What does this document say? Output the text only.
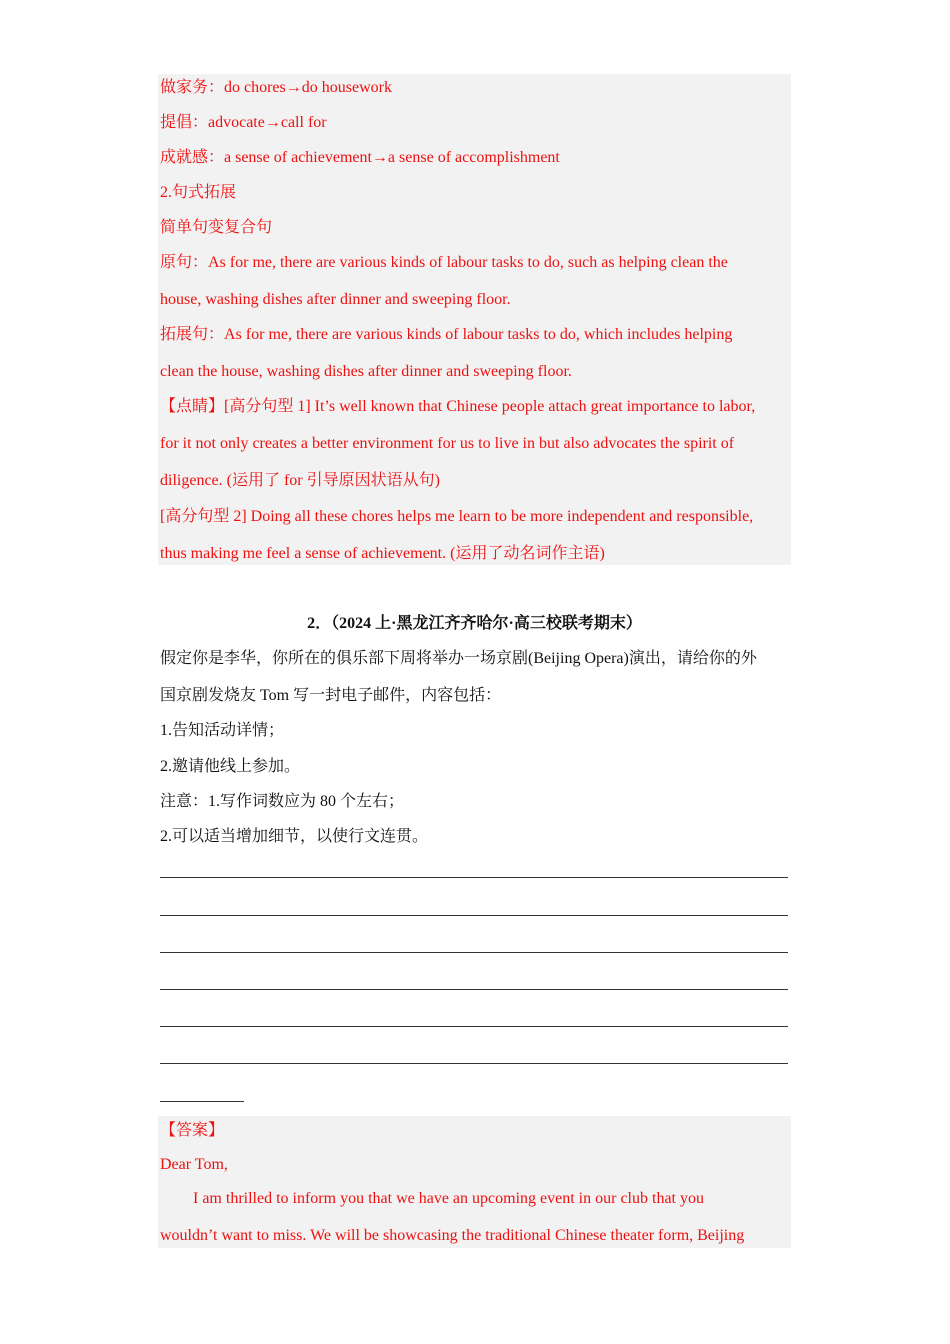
做家务：do chores→do housework
提倡：advocate→call for
成就感：a sense of achievement→a sense of accomplishment
2.句式拓展
简单句变复合句
原句：As for me, there are various kinds of labour tasks to do, such as helping clean the
house, washing dishes after dinner and sweeping floor.
拓展句：As for me, there are various kinds of labour tasks to do, which includes helping
clean the house, washing dishes after dinner and sweeping floor.
【点睛】[高分句型 1] It’s well known that Chinese people attach great importance to labor,
for it not only creates a better environment for us to live in but also advocates the spirit of
diligence. (运用了 for 引导原因状语从句)
[高分句型 2] Doing all these chores helps me learn to be more independent and responsible,
thus making me feel a sense of achievement. (运用了动名词作主语)
2．（2024 上·黑龙江齐齐哈尔·高三校联考期末）
假定你是李华，你所在的俱乐部下周将举办一场京剧(Beijing Opera)演出，请给你的外
国京剧发烧友 Tom 写一封电子邮件，内容包括：
1.告知活动详情；
2.邀请他线上参加。
注意：1.写作词数应为 80 个左右；
2.可以适当增加细节，以使行文连贯。
【答案】
Dear Tom,
I am thrilled to inform you that we have an upcoming event in our club that you
wouldn’t want to miss. We will be showcasing the traditional Chinese theater form, Beijing
